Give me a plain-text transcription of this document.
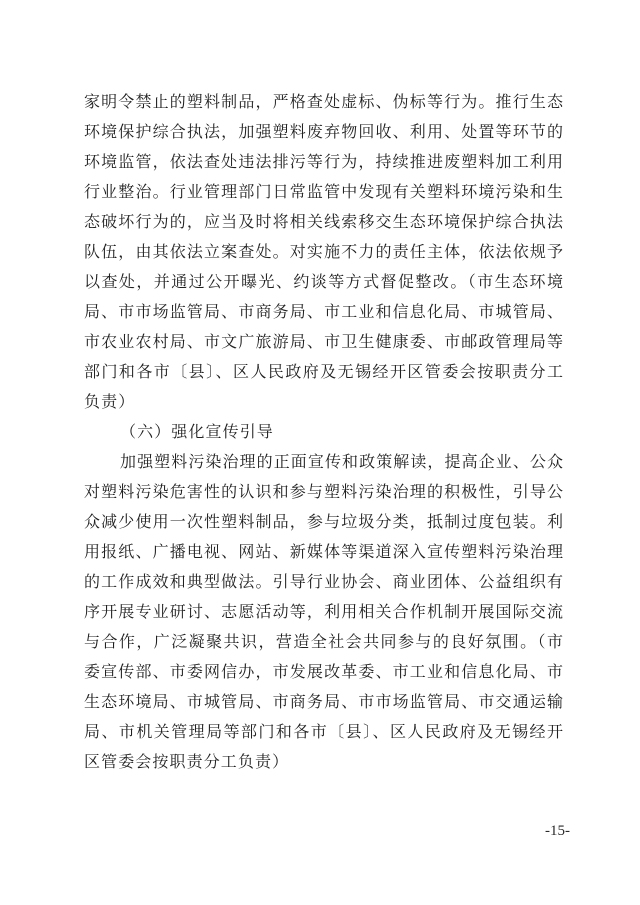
家明令禁止的塑料制品，严格查处虚标、伪标等行为。推行生态
环境保护综合执法，加强塑料废弃物回收、利用、处置等环节的
环境监管，依法查处违法排污等行为，持续推进废塑料加工利用
行业整治。行业管理部门日常监管中发现有关塑料环境污染和生
态破坏行为的，应当及时将相关线索移交生态环境保护综合执法
队伍，由其依法立案查处。对实施不力的责任主体，依法依规予
以查处，并通过公开曝光、约谈等方式督促整改。（市生态环境
局、市市场监管局、市商务局、市工业和信息化局、市城管局、
市农业农村局、市文广旅游局、市卫生健康委、市邮政管理局等
部门和各市〔县〕、区人民政府及无锡经开区管委会按职责分工
负责）
（六）强化宣传引导
加强塑料污染治理的正面宣传和政策解读，提高企业、公众
对塑料污染危害性的认识和参与塑料污染治理的积极性，引导公
众减少使用一次性塑料制品，参与垃圾分类，抵制过度包装。利
用报纸、广播电视、网站、新媒体等渠道深入宣传塑料污染治理
的工作成效和典型做法。引导行业协会、商业团体、公益组织有
序开展专业研讨、志愿活动等，利用相关合作机制开展国际交流
与合作，广泛凝聚共识，营造全社会共同参与的良好氛围。（市
委宣传部、市委网信办，市发展改革委、市工业和信息化局、市
生态环境局、市城管局、市商务局、市市场监管局、市交通运输
局、市机关管理局等部门和各市〔县〕、区人民政府及无锡经开
区管委会按职责分工负责）
-15-
